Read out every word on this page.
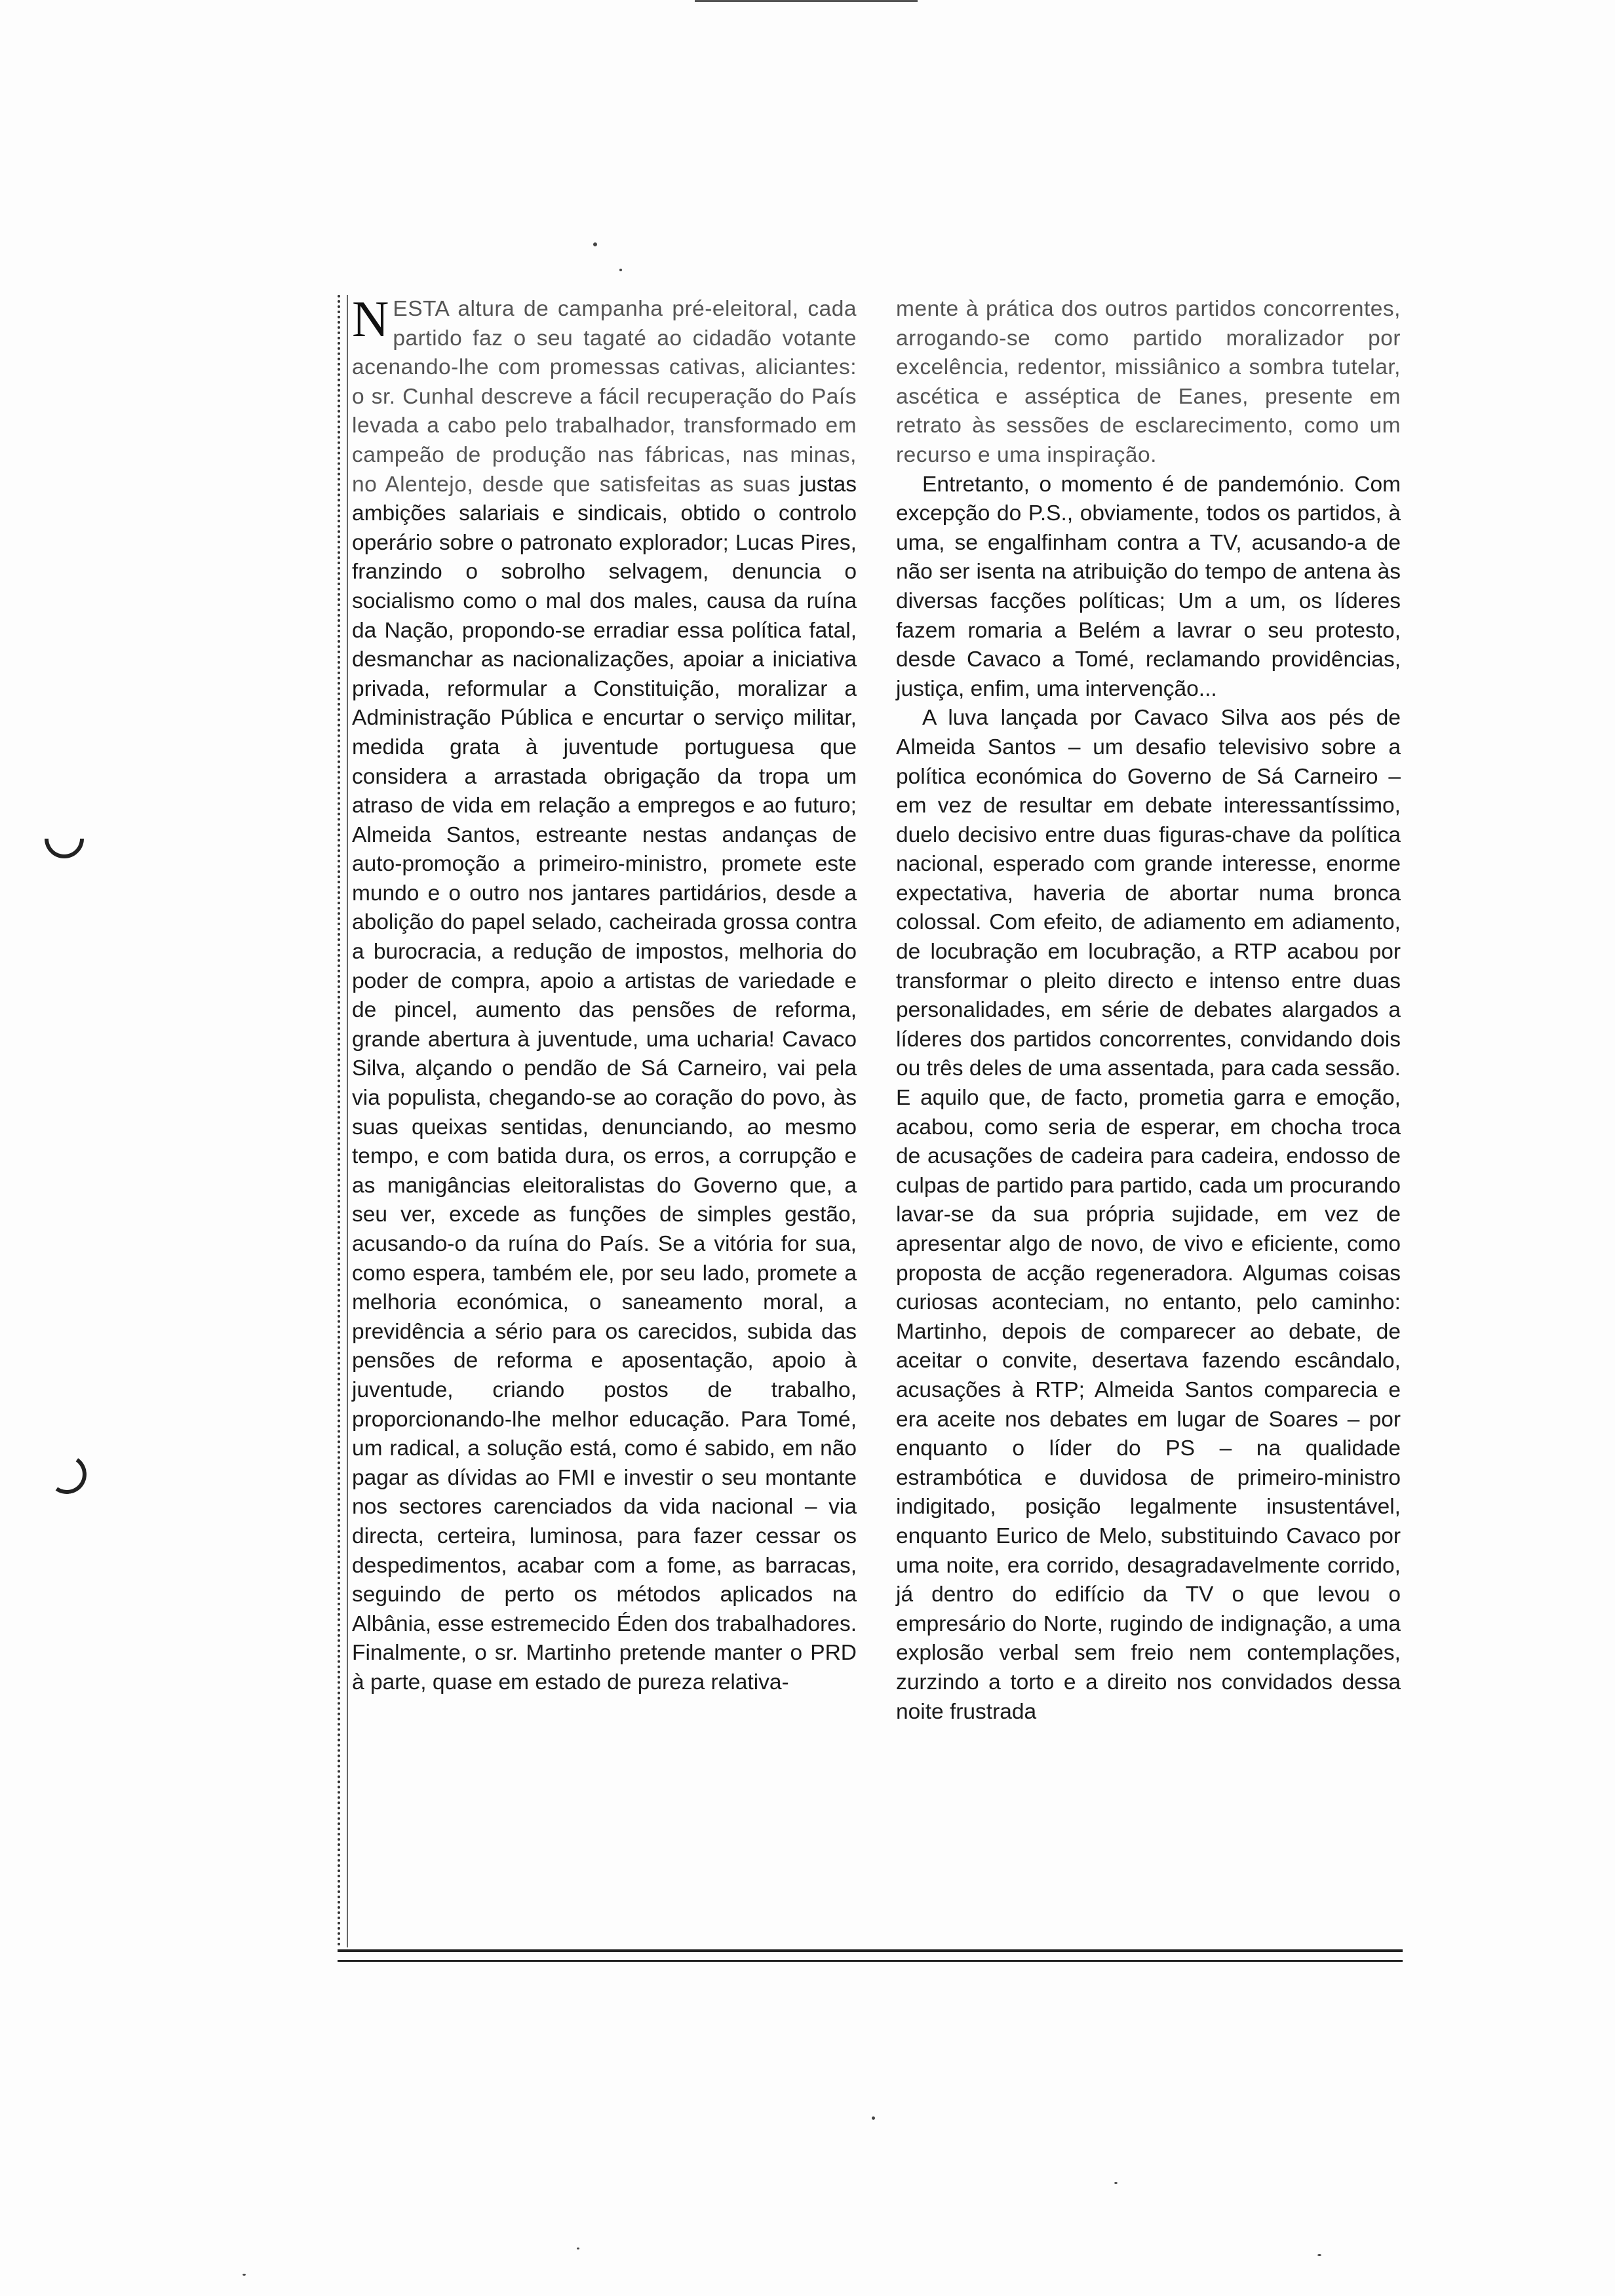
N ESTA altura de campanha pré-eleitoral, cada partido faz o seu tagaté ao cidadão votante acenando-lhe com promessas cativas, aliciantes: o sr. Cunhal descreve a fácil recuperação do País levada a cabo pelo trabalhador, transformado em campeão de produção nas fábricas, nas minas, no Alentejo, desde que satisfeitas as suas justas ambições salariais e sindicais, obtido o controlo operário sobre o patronato explorador; Lucas Pires, franzindo o sobrolho selvagem, denuncia o socialismo como o mal dos males, causa da ruína da Nação, propondo-se erradiar essa política fatal, desmanchar as nacionalizações, apoiar a iniciativa privada, reformular a Constituição, moralizar a Administração Pública e encurtar o serviço militar, medida grata à juventude portuguesa que considera a arrastada obrigação da tropa um atraso de vida em relação a empregos e ao futuro; Almeida Santos, estreante nestas andanças de auto-promoção a primeiro-ministro, promete este mundo e o outro nos jantares partidários, desde a abolição do papel selado, cacheirada grossa contra a burocracia, a redução de impostos, melhoria do poder de compra, apoio a artistas de variedade e de pincel, aumento das pensões de reforma, grande abertura à juventude, uma ucharia! Cavaco Silva, alçando o pendão de Sá Carneiro, vai pela via populista, chegando-se ao coração do povo, às suas queixas sentidas, denunciando, ao mesmo tempo, e com batida dura, os erros, a corrupção e as manigâncias eleitoralistas do Governo que, a seu ver, excede as funções de simples gestão, acusando-o da ruína do País. Se a vitória for sua, como espera, também ele, por seu lado, promete a melhoria económica, o saneamento moral, a previdência a sério para os carecidos, subida das pensões de reforma e aposentação, apoio à juventude, criando postos de trabalho, proporcionando-lhe melhor educação. Para Tomé, um radical, a solução está, como é sabido, em não pagar as dívidas ao FMI e investir o seu montante nos sectores carenciados da vida nacional – via directa, certeira, luminosa, para fazer cessar os despedimentos, acabar com a fome, as barracas, seguindo de perto os métodos aplicados na Albânia, esse estremecido Éden dos trabalhadores. Finalmente, o sr. Martinho pretende manter o PRD à parte, quase em estado de pureza relativa-

mente à prática dos outros partidos concorrentes, arrogando-se como partido moralizador por excelência, redentor, missiânico a sombra tutelar, ascética e asséptica de Eanes, presente em retrato às sessões de esclarecimento, como um recurso e uma inspiração.

Entretanto, o momento é de pandemónio. Com excepção do P.S., obviamente, todos os partidos, à uma, se engalfinham contra a TV, acusando-a de não ser isenta na atribuição do tempo de antena às diversas facções políticas; Um a um, os líderes fazem romaria a Belém a lavrar o seu protesto, desde Cavaco a Tomé, reclamando providências, justiça, enfim, uma intervenção...

A luva lançada por Cavaco Silva aos pés de Almeida Santos – um desafio televisivo sobre a política económica do Governo de Sá Carneiro – em vez de resultar em debate interessantíssimo, duelo decisivo entre duas figuras-chave da política nacional, esperado com grande interesse, enorme expectativa, haveria de abortar numa bronca colossal. Com efeito, de adiamento em adiamento, de locubração em locubração, a RTP acabou por transformar o pleito directo e intenso entre duas personalidades, em série de debates alargados a líderes dos partidos concorrentes, convidando dois ou três deles de uma assentada, para cada sessão. E aquilo que, de facto, prometia garra e emoção, acabou, como seria de esperar, em chocha troca de acusações de cadeira para cadeira, endosso de culpas de partido para partido, cada um procurando lavar-se da sua própria sujidade, em vez de apresentar algo de novo, de vivo e eficiente, como proposta de acção regeneradora. Algumas coisas curiosas aconteciam, no entanto, pelo caminho: Martinho, depois de comparecer ao debate, de aceitar o convite, desertava fazendo escândalo, acusações à RTP; Almeida Santos comparecia e era aceite nos debates em lugar de Soares – por enquanto o líder do PS – na qualidade estrambótica e duvidosa de primeiro-ministro indigitado, posição legalmente insustentável, enquanto Eurico de Melo, substituindo Cavaco por uma noite, era corrido, desagradavelmente corrido, já dentro do edifício da TV o que levou o empresário do Norte, rugindo de indignação, a uma explosão verbal sem freio nem contemplações, zurzindo a torto e a direito nos convidados dessa noite frustrada
